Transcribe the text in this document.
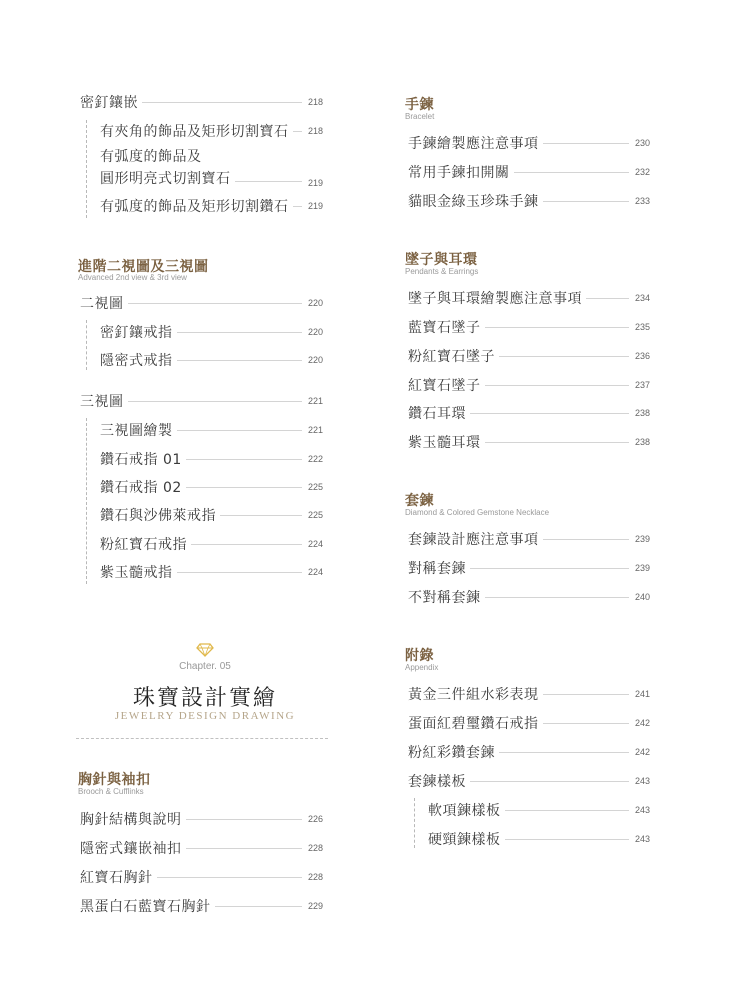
密釘鑲嵌	218
有夾角的飾品及矩形切割寶石 218
有弧度的飾品及
圓形明亮式切割寶石	219
有弧度的飾品及矩形切割鑽石 219
進階二視圖及三視圖
Advanced 2nd view & 3rd view
二視圖	220
密釘鑲戒指	220
隱密式戒指	220
三視圖	221
三視圖繪製	221
鑽石戒指 01	222
鑽石戒指 02	225
鑽石與沙佛萊戒指	225
粉紅寶石戒指	224
紫玉髓戒指	224
Chapter. 05
珠寶設計實繪
JEWELRY DESIGN DRAWING
胸針與袖扣
Brooch & Cufflinks
胸針結構與說明	226
隱密式鑲嵌袖扣	228
紅寶石胸針	228
黑蛋白石藍寶石胸針	229
手鍊
Bracelet
手鍊繪製應注意事項	230
常用手鍊扣開關	232
貓眼金綠玉珍珠手鍊	233
墜子與耳環
Pendants & Earrings
墜子與耳環繪製應注意事項	234
藍寶石墜子	235
粉紅寶石墜子	236
紅寶石墜子	237
鑽石耳環	238
紫玉髓耳環	238
套鍊
Diamond & Colored Gemstone Necklace
套鍊設計應注意事項	239
對稱套鍊	239
不對稱套鍊	240
附錄
Appendix
黃金三件組水彩表現	241
蛋面紅碧璽鑽石戒指	242
粉紅彩鑽套鍊	242
套鍊樣板	243
軟項鍊樣板	243
硬頸鍊樣板	243
